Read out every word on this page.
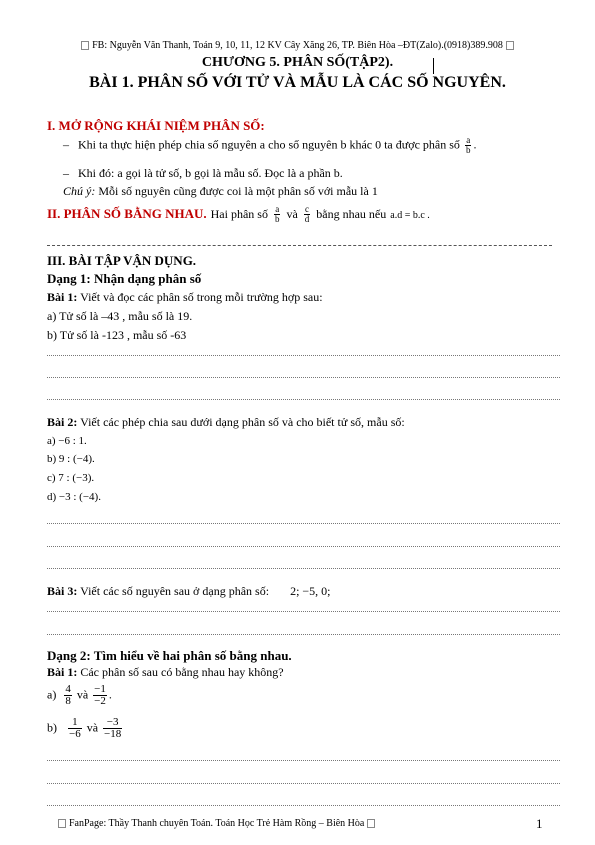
FB: Nguyễn Văn Thanh, Toán 9, 10, 11, 12 KV Cây Xăng 26, TP. Biên Hòa –ĐT(Zalo).(0918)389.908
CHƯƠNG 5. PHÂN SỐ(TẬP2).
BÀI 1. PHÂN SỐ VỚI TỬ VÀ MẪU LÀ CÁC SỐ NGUYÊN.
I. MỞ RỘNG KHÁI NIỆM PHÂN SỐ:
–   Khi ta thực hiện phép chia số nguyên a cho số nguyên b khác 0 ta được phân số $\frac{a}{b}$ .
–   Khi đó: a gọi là tử số, b gọi là mẫu số. Đọc là a phần b.
Chú ý: Mỗi số nguyên cũng được coi là một phân số với mẫu là 1
II. PHÂN SỐ BẰNG NHAU. Hai phân số $\frac{a}{b}$ và $\frac{c}{d}$ bằng nhau nếu a.d = b.c .
III. BÀI TẬP VẬN DỤNG.
Dạng 1: Nhận dạng phân số
Bài 1: Viết và đọc các phân số trong mỗi trường hợp sau:
a) Tử số là –43 , mẫu số là 19.
b) Tử số là -123 , mẫu số -63
Bài 2: Viết các phép chia sau dưới dạng phân số và cho biết tử số, mẫu số:
a) −6 : 1.
b) 9 : (−4).
c) 7 : (−3).
d) −3 : (−4).
Bài 3: Viết các số nguyên sau ở dạng phân số: 2; −5, 0;
Dạng 2: Tìm hiểu về hai phân số bằng nhau.
Bài 1: Các phân số sau có bằng nhau hay không?
$a) \frac{4}{8}$ và $\frac{-1}{-2}$ .
$b) \frac{1}{-6}$ và $\frac{-3}{-18}$
FanPage: Thầy Thanh chuyên Toán. Toán Học Trẻ Hàm Rồng – Biên Hòa	1
